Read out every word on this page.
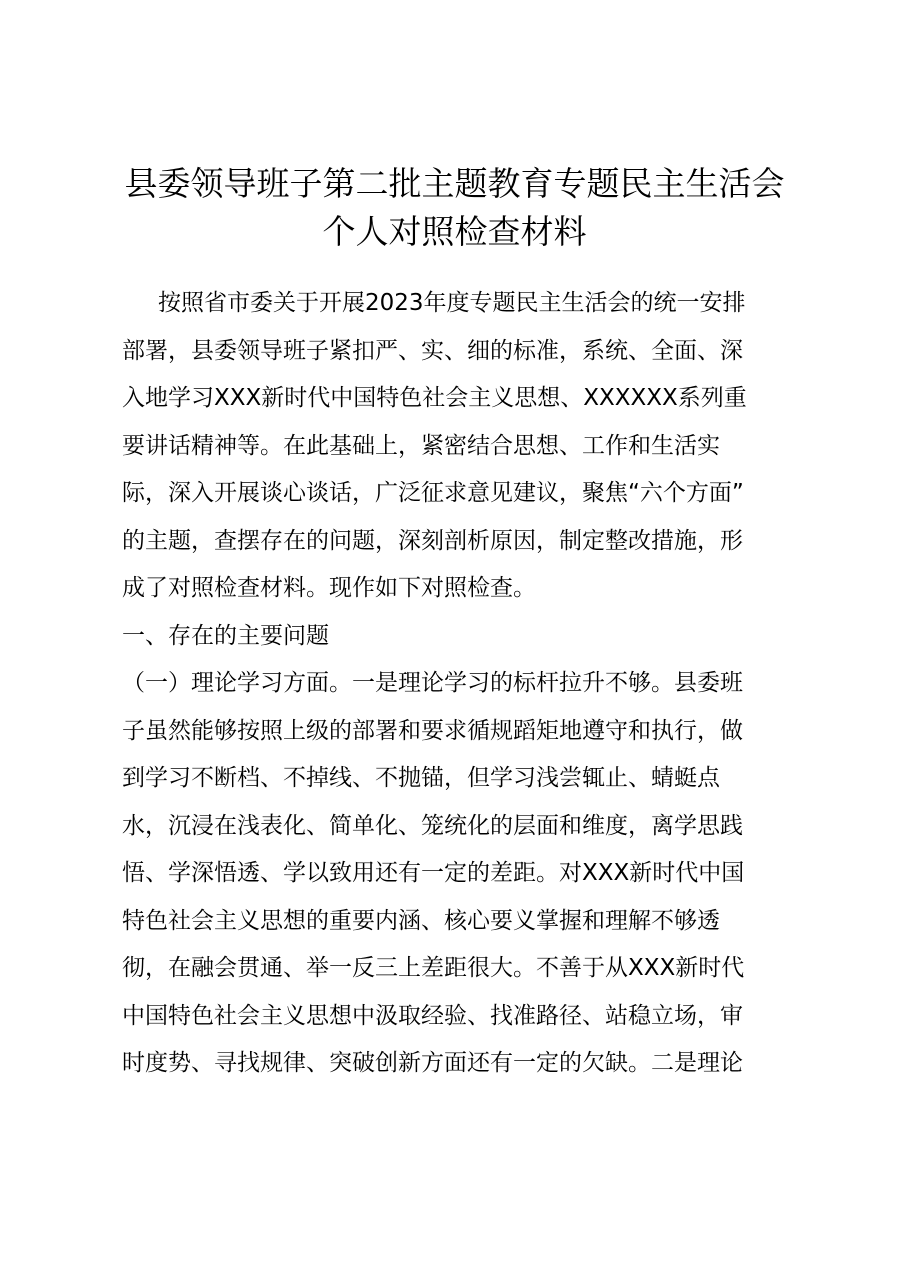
县委领导班子第二批主题教育专题民主生活会
个人对照检查材料
按照省市委关于开展2023年度专题民主生活会的统一安排
部署，县委领导班子紧扣严、实、细的标准，系统、全面、深
入地学习XXX新时代中国特色社会主义思想、XXXXXX系列重
要讲话精神等。在此基础上，紧密结合思想、工作和生活实
际，深入开展谈心谈话，广泛征求意见建议，聚焦“六个方面”
的主题，查摆存在的问题，深刻剖析原因，制定整改措施，形
成了对照检查材料。现作如下对照检查。
一、存在的主要问题
（一）理论学习方面。一是理论学习的标杆拉升不够。县委班
子虽然能够按照上级的部署和要求循规蹈矩地遵守和执行，做
到学习不断档、不掉线、不抛锚，但学习浅尝辄止、蜻蜓点
水，沉浸在浅表化、简单化、笼统化的层面和维度，离学思践
悟、学深悟透、学以致用还有一定的差距。对XXX新时代中国
特色社会主义思想的重要内涵、核心要义掌握和理解不够透
彻，在融会贯通、举一反三上差距很大。不善于从XXX新时代
中国特色社会主义思想中汲取经验、找准路径、站稳立场，审
时度势、寻找规律、突破创新方面还有一定的欠缺。二是理论
